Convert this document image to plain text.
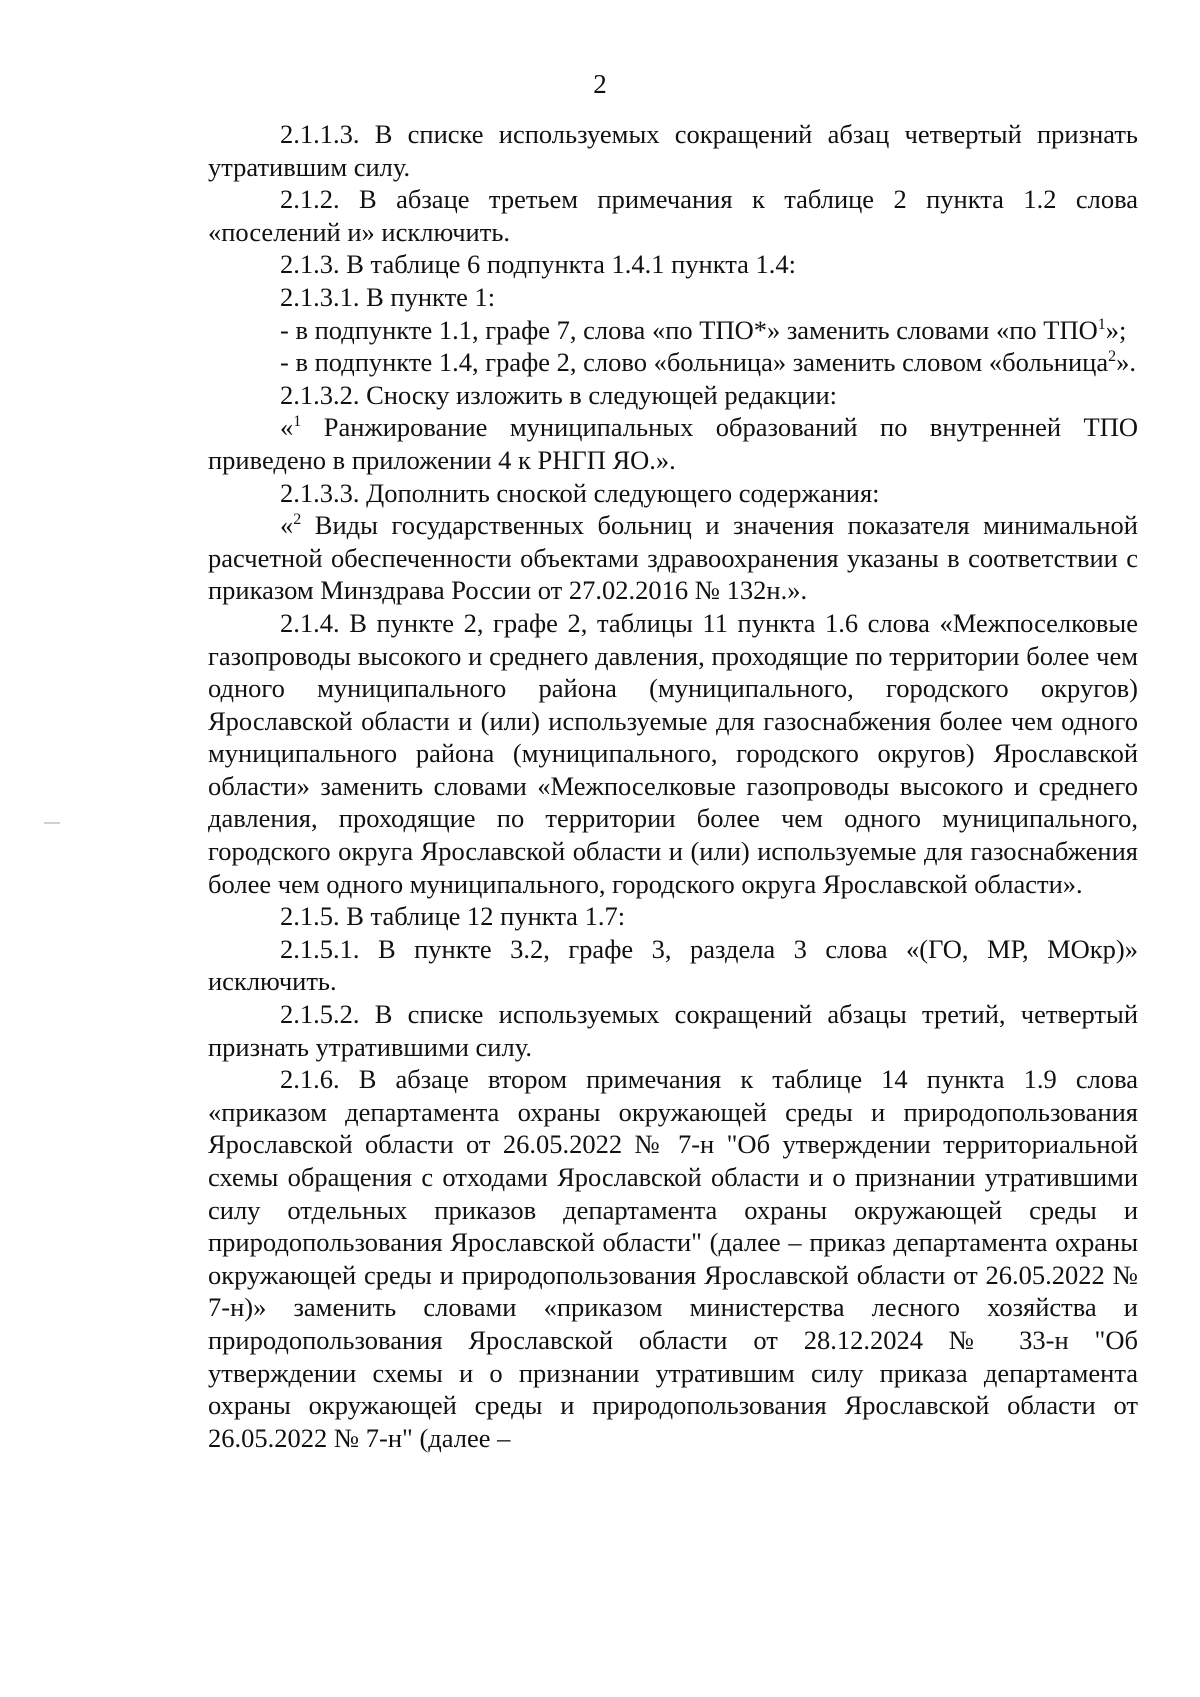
2

2.1.1.3. В списке используемых сокращений абзац четвертый признать утратившим силу.

2.1.2. В абзаце третьем примечания к таблице 2 пункта 1.2 слова «поселений и» исключить.

2.1.3. В таблице 6 подпункта 1.4.1 пункта 1.4:

2.1.3.1. В пункте 1:

- в подпункте 1.1, графе 7, слова «по ТПО*» заменить словами «по ТПО$^1$»;

- в подпункте 1.4, графе 2, слово «больница» заменить словом «больница$^2$».

2.1.3.2. Сноску изложить в следующей редакции:

«$^1$ Ранжирование муниципальных образований по внутренней ТПО приведено в приложении 4 к РНГП ЯО.».

2.1.3.3. Дополнить сноской следующего содержания:

«$^2$ Виды государственных больниц и значения показателя минимальной расчетной обеспеченности объектами здравоохранения указаны в соответствии с приказом Минздрава России от 27.02.2016 № 132н.».

2.1.4. В пункте 2, графе 2, таблицы 11 пункта 1.6 слова «Межпоселковые газопроводы высокого и среднего давления, проходящие по территории более чем одного муниципального района (муниципального, городского округов) Ярославской области и (или) используемые для газоснабжения более чем одного муниципального района (муниципального, городского округов) Ярославской области» заменить словами «Межпоселковые газопроводы высокого и среднего давления, проходящие по территории более чем одного муниципального, городского округа Ярославской области и (или) используемые для газоснабжения более чем одного муниципального, городского округа Ярославской области».

2.1.5. В таблице 12 пункта 1.7:

2.1.5.1. В пункте 3.2, графе 3, раздела 3 слова «(ГО, МР, МОкр)» исключить.

2.1.5.2. В списке используемых сокращений абзацы третий, четвертый признать утратившими силу.

2.1.6. В абзаце втором примечания к таблице 14 пункта 1.9 слова «приказом департамента охраны окружающей среды и природопользования Ярославской области от 26.05.2022 № 7-н "Об утверждении территориальной схемы обращения с отходами Ярославской области и о признании утратившими силу отдельных приказов департамента охраны окружающей среды и природопользования Ярославской области" (далее – приказ департамента охраны окружающей среды и природопользования Ярославской области от 26.05.2022 № 7-н)» заменить словами «приказом министерства лесного хозяйства и природопользования Ярославской области от 28.12.2024 № 33-н "Об утверждении схемы и о признании утратившим силу приказа департамента охраны окружающей среды и природопользования Ярославской области от 26.05.2022 № 7-н" (далее –
